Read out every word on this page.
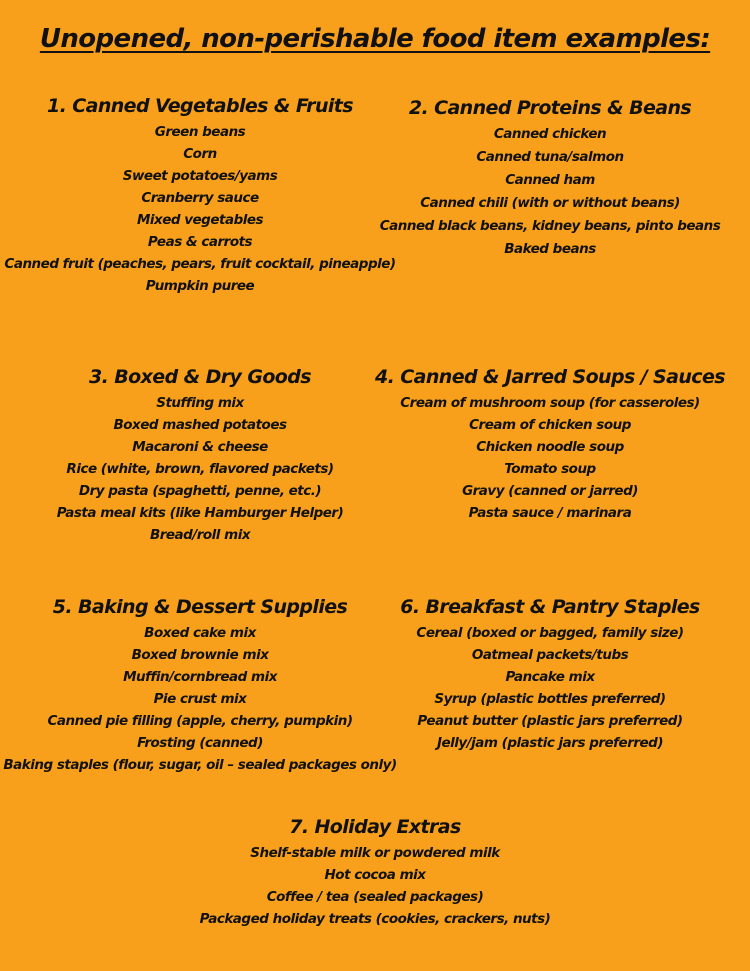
Unopened, non-perishable food item examples:
1. Canned Vegetables & Fruits
Green beans
Corn
Sweet potatoes/yams
Cranberry sauce
Mixed vegetables
Peas & carrots
Canned fruit (peaches, pears, fruit cocktail, pineapple)
Pumpkin puree
2. Canned Proteins & Beans
Canned chicken
Canned tuna/salmon
Canned ham
Canned chili (with or without beans)
Canned black beans, kidney beans, pinto beans
Baked beans
3. Boxed & Dry Goods
Stuffing mix
Boxed mashed potatoes
Macaroni & cheese
Rice (white, brown, flavored packets)
Dry pasta (spaghetti, penne, etc.)
Pasta meal kits (like Hamburger Helper)
Bread/roll mix
4. Canned & Jarred Soups / Sauces
Cream of mushroom soup (for casseroles)
Cream of chicken soup
Chicken noodle soup
Tomato soup
Gravy (canned or jarred)
Pasta sauce / marinara
5. Baking & Dessert Supplies
Boxed cake mix
Boxed brownie mix
Muffin/cornbread mix
Pie crust mix
Canned pie filling (apple, cherry, pumpkin)
Frosting (canned)
Baking staples (flour, sugar, oil – sealed packages only)
6. Breakfast & Pantry Staples
Cereal (boxed or bagged, family size)
Oatmeal packets/tubs
Pancake mix
Syrup (plastic bottles preferred)
Peanut butter (plastic jars preferred)
Jelly/jam (plastic jars preferred)
7. Holiday Extras
Shelf-stable milk or powdered milk
Hot cocoa mix
Coffee / tea (sealed packages)
Packaged holiday treats (cookies, crackers, nuts)
